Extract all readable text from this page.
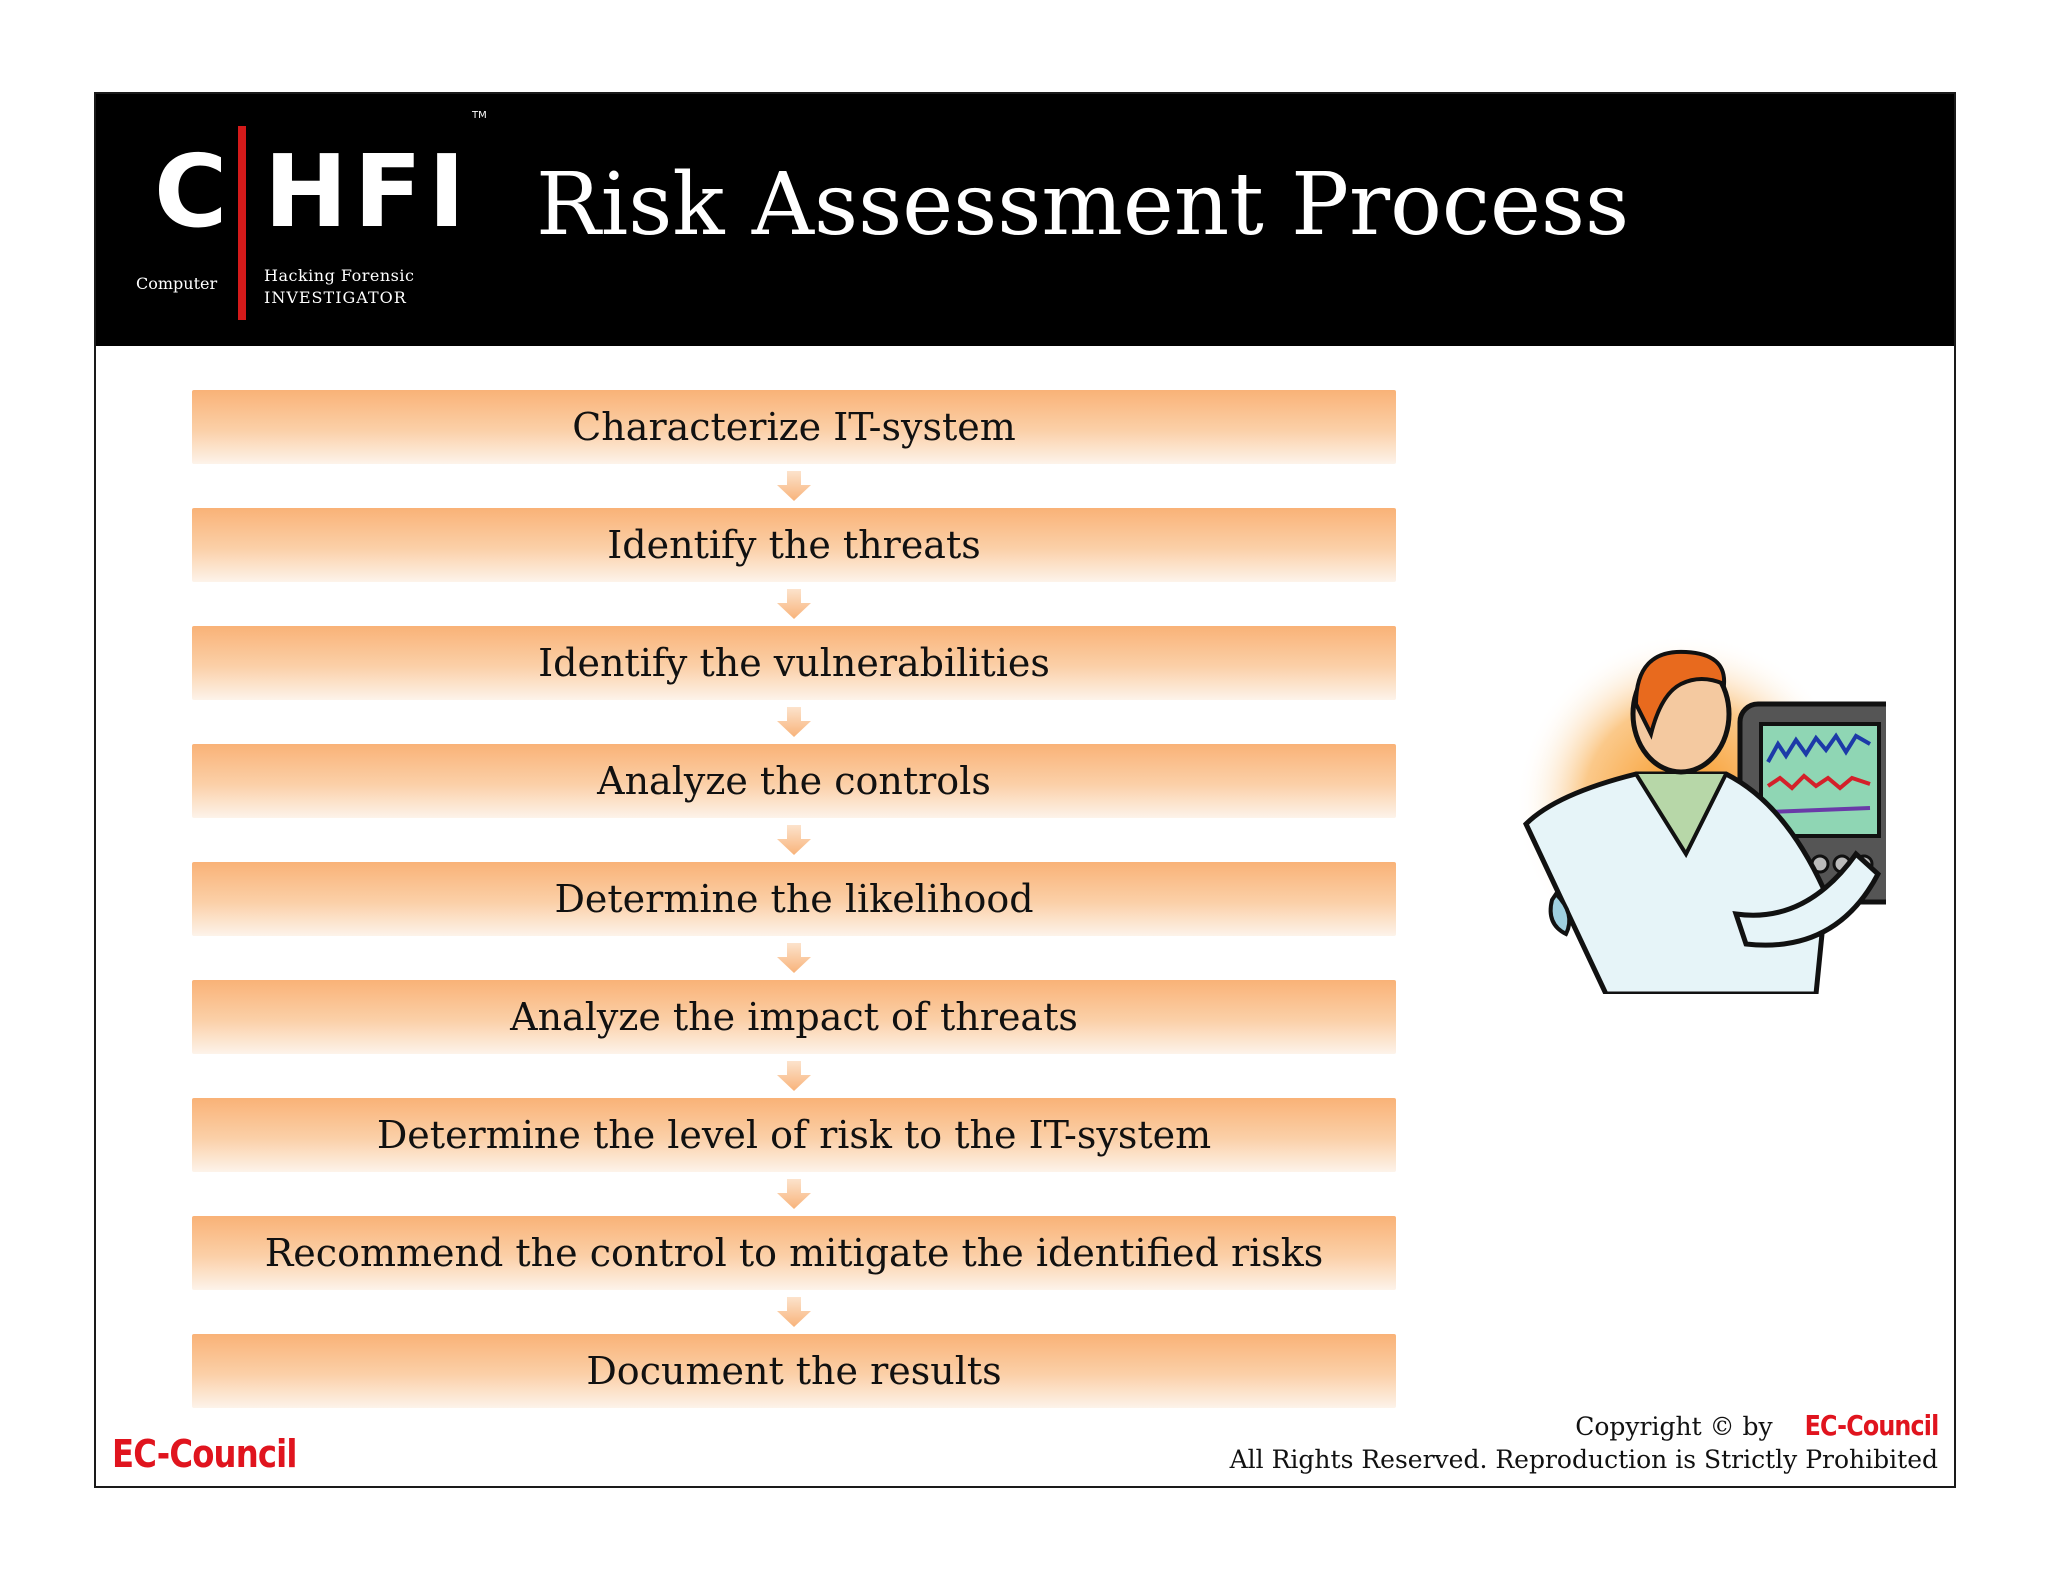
C HFI
TM
Computer	Hacking Forensic
INVESTIGATOR
Risk Assessment Process
Characterize IT-system
Identify the threats
Identify the vulnerabilities
Analyze the controls
Determine the likelihood
Analyze the impact of threats
Determine the level of risk to the IT-system
Recommend the control to mitigate the identified risks
Document the results
EC-Council
Copyright © by EC-Council
All Rights Reserved. Reproduction is Strictly Prohibited
